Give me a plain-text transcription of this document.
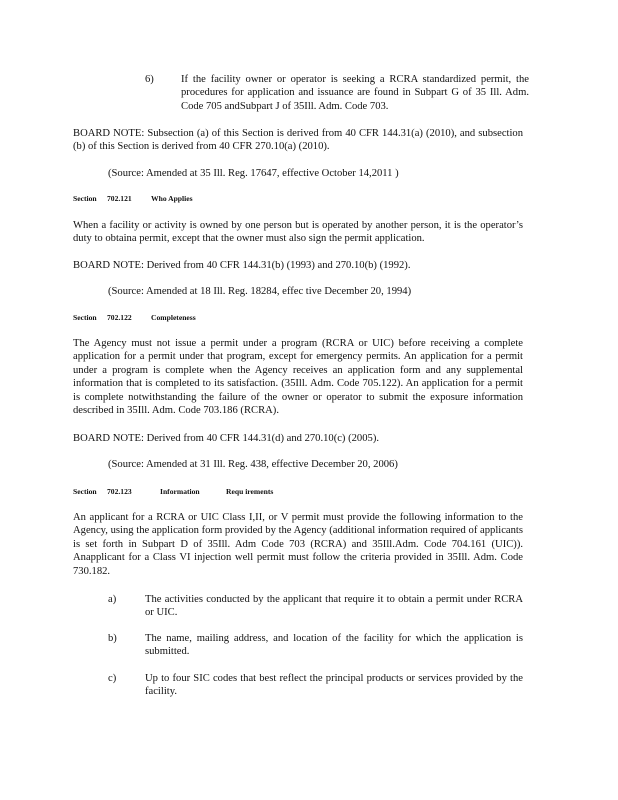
6)	If the facility owner or operator is seeking a RCRA standardized permit, the procedures for application and issuance are found in Subpart G of 35 Ill. Adm. Code 705 andSubpart J of 35Ill. Adm. Code 703.

BOARD NOTE: Subsection (a) of this Section is derived from 40 CFR 144.31(a) (2010), and subsection (b) of this Section is derived from 40 CFR 270.10(a) (2010).

(Source: Amended at 35 Ill. Reg. 17647, effective October 14,2011 )

Section 702.121	Who Applies

When a facility or activity is owned by one person but is operated by another person, it is the operator’s duty to obtaina permit, except that the owner must also sign the permit application.

BOARD NOTE: Derived from 40 CFR 144.31(b) (1993) and 270.10(b) (1992).

(Source: Amended at 18 Ill. Reg. 18284, effec tive December 20, 1994)

Section 702.122	Completeness

The Agency must not issue a permit under a program (RCRA or UIC) before receiving a complete application for a permit under that program, except for emergency permits. An application for a permit under a program is complete when the Agency receives an application form and any supplemental information that is completed to its satisfaction. (35Ill. Adm. Code 705.122). An application for a permit is complete notwithstanding the failure of the owner or operator to submit the exposure information described in 35Ill. Adm. Code 703.186 (RCRA).

BOARD NOTE: Derived from 40 CFR 144.31(d) and 270.10(c) (2005).

(Source: Amended at 31 Ill. Reg. 438, effective December 20, 2006)

Section 702.123	Information	Requ irements

An applicant for a RCRA or UIC Class I,II, or V permit must provide the following information to the Agency, using the application form provided by the Agency (additional information required of applicants is set forth in Subpart D of 35Ill. Adm Code 703 (RCRA) and 35Ill.Adm. Code 704.161 (UIC)). Anapplicant for a Class VI injection well permit must follow the criteria provided in 35Ill. Adm. Code 730.182.

a)	The activities conducted by the applicant that require it to obtain a permit under RCRA or UIC.

b)	The name, mailing address, and location of the facility for which the application is submitted.

c)	Up to four SIC codes that best reflect the principal products or services provided by the facility.
